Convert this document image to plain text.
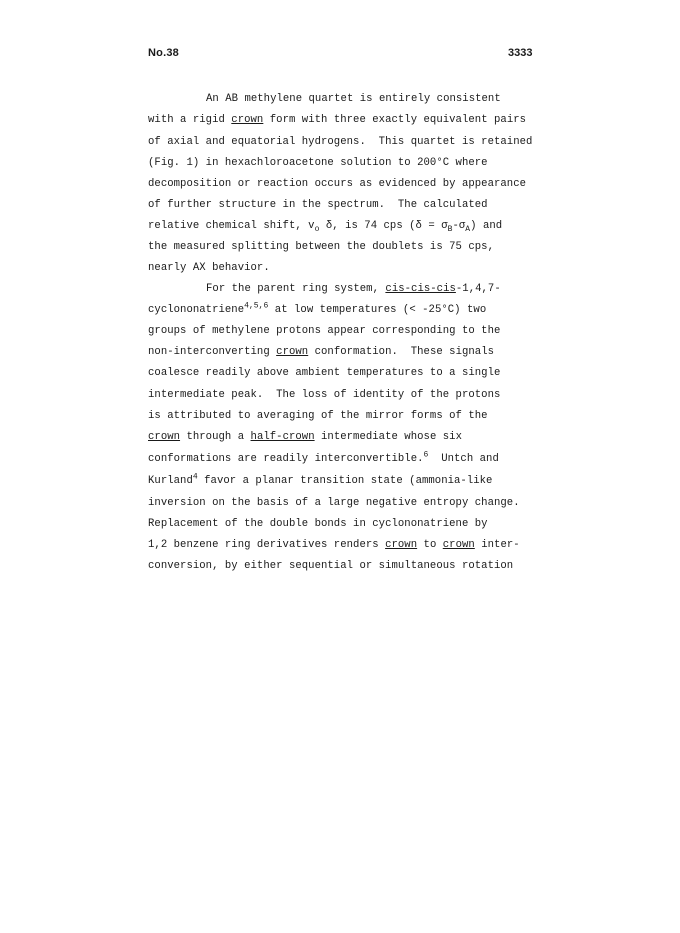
No.38	3333
An AB methylene quartet is entirely consistent
with a rigid crown form with three exactly equivalent pairs
of axial and equatorial hydrogens.  This quartet is retained
(Fig. 1) in hexachloroacetone solution to 200°C where
decomposition or reaction occurs as evidenced by appearance
of further structure in the spectrum.  The calculated
relative chemical shift, $v_o$ δ, is 74 cps $(\delta = \sigma_B-\sigma_A)$ and
the measured splitting between the doublets is 75 cps,
nearly AX behavior.
For the parent ring system, cis-cis-cis-1,4,7-
cyclononatriene$^{4,5,6}$ at low temperatures (< -25°C) two
groups of methylene protons appear corresponding to the
non-interconverting crown conformation.  These signals
coalesce readily above ambient temperatures to a single
intermediate peak.  The loss of identity of the protons
is attributed to averaging of the mirror forms of the
crown through a half-crown intermediate whose six
conformations are readily interconvertible.$^6$  Untch and
Kurland$^4$ favor a planar transition state (ammonia-like
inversion on the basis of a large negative entropy change.
Replacement of the double bonds in cyclononatriene by
1,2 benzene ring derivatives renders crown to crown inter-
conversion, by either sequential or simultaneous rotation
